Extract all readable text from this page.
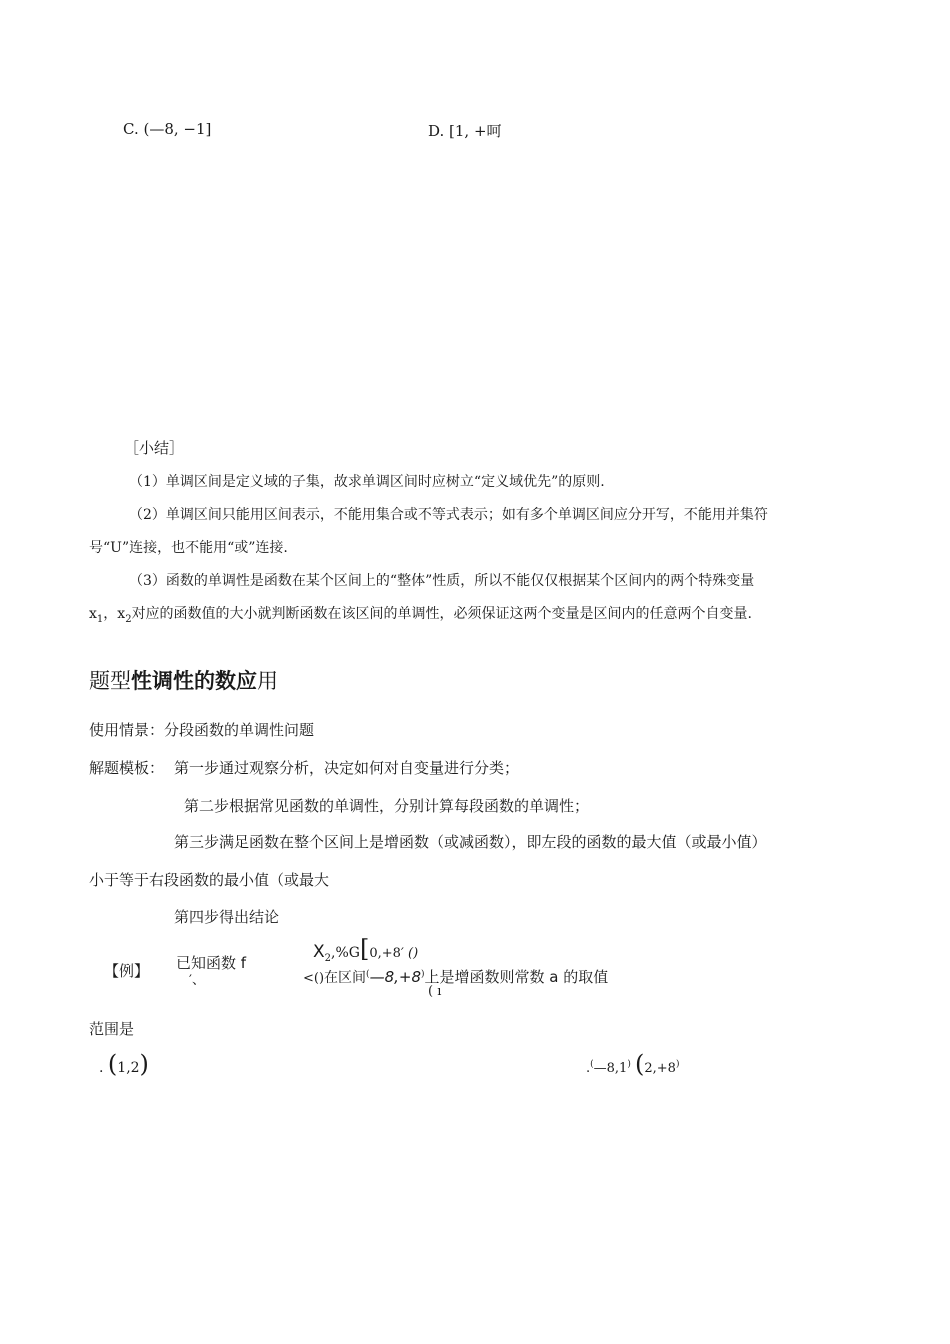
C. (—8, −1]	D. [1, +呵
［小结］
（1）单调区间是定义域的子集，故求单调区间时应树立“定义域优先”的原则.
（2）单调区间只能用区间表示，不能用集合或不等式表示；如有多个单调区间应分开写，不能用并集符
号“U”连接，也不能用“或”连接.
（3）函数的单调性是函数在某个区间上的“整体”性质，所以不能仅仅根据某个区间内的两个特殊变量
$x_1$，$x_2$对应的函数值的大小就判断函数在该区间的单调性，必须保证这两个变量是区间内的任意两个自变量.
题型性调性的数应用
使用情景：分段函数的单调性问题
解题模板： 第一步通过观察分析，决定如何对自变量进行分类；
第二步根据常见函数的单调性，分别计算每段函数的单调性；
第三步满足函数在整个区间上是增函数（或减函数），即左段的函数的最大值（或最小值）
小于等于右段函数的最小值（或最大
第四步得出结论
【例】 已知函数 f
′、
$X_2,\%G[0,+8'$ ()
<()在区间(—8,+8)上是增函数则常数 a 的取值
( ı
范围是
. (1,2)	.(—8,1) (2,+8)
